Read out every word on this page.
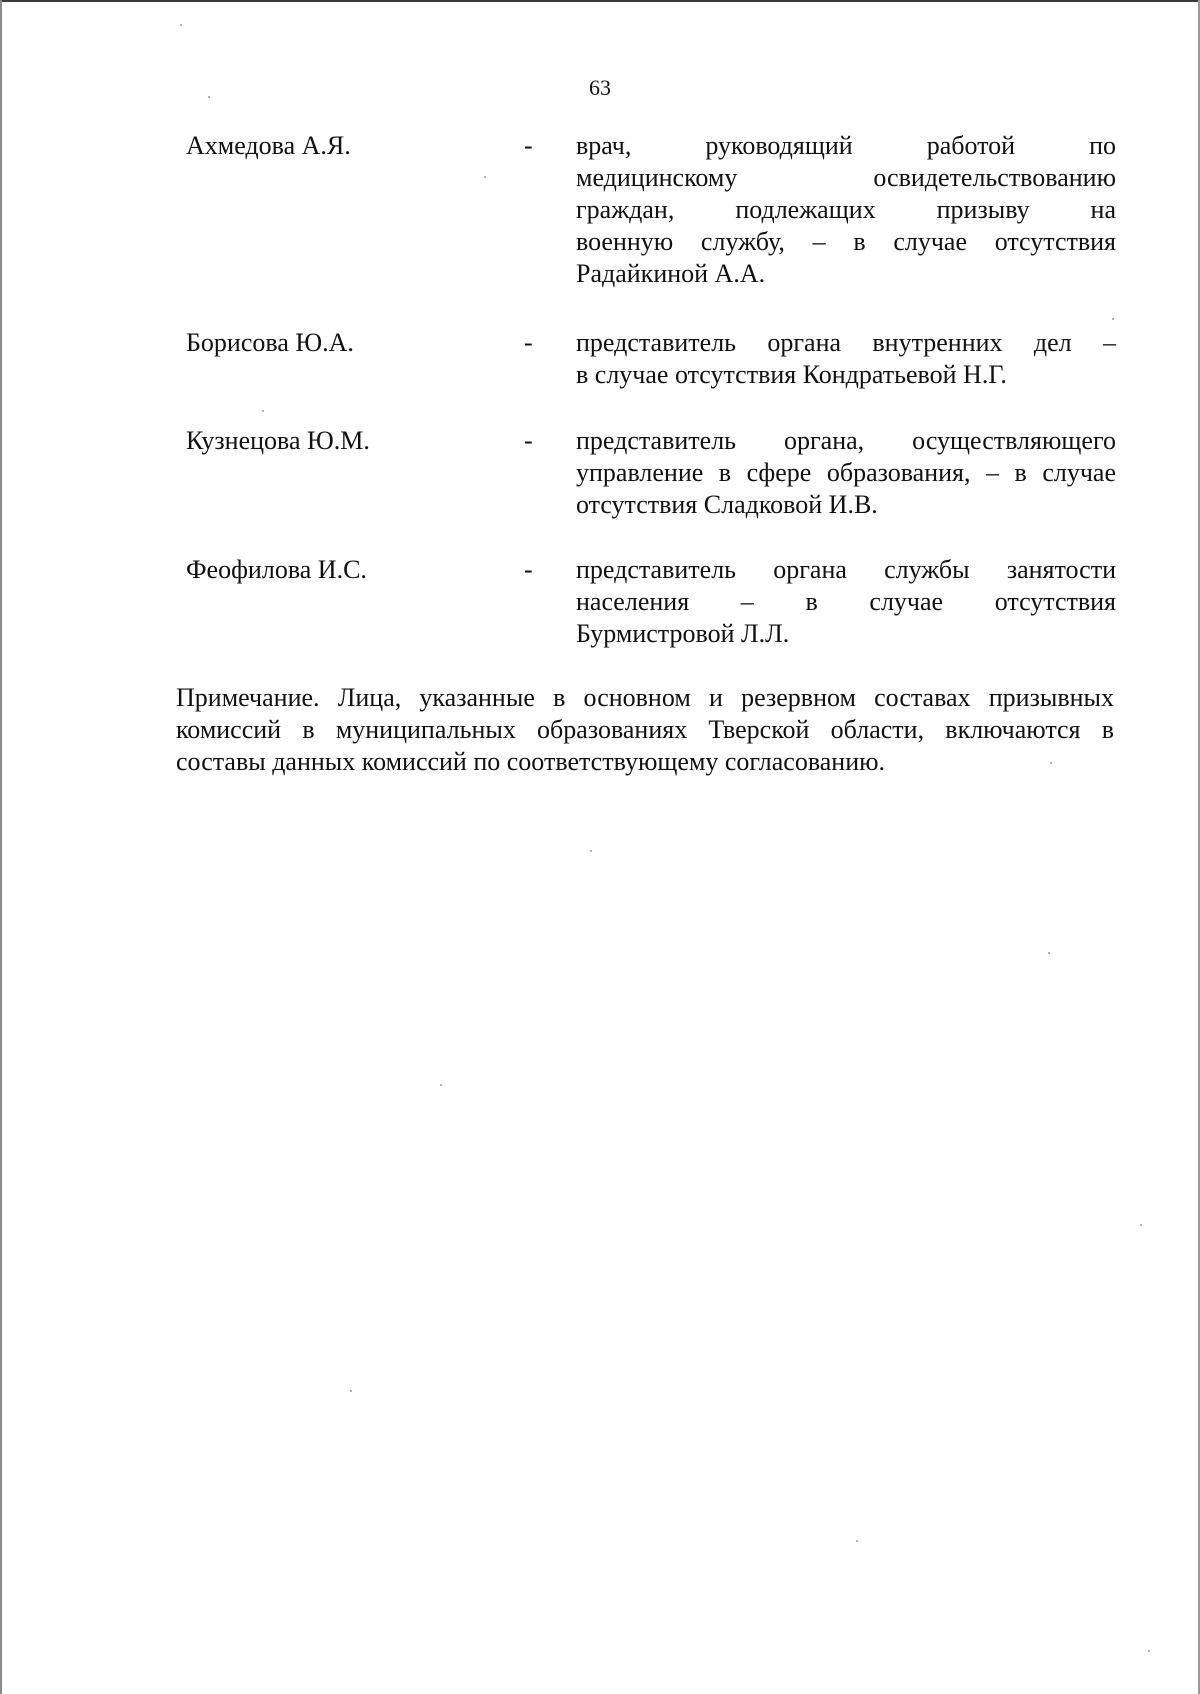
63
Ахмедова А.Я.	- врач, руководящий работой по
медицинскому освидетельствованию
граждан, подлежащих призыву на
военную службу, – в случае отсутствия
Радайкиной А.А.
Борисова Ю.А.	- представитель органа внутренних дел –
в случае отсутствия Кондратьевой Н.Г.
Кузнецова Ю.М.	- представитель органа, осуществляющего
управление в сфере образования, – в случае
отсутствия Сладковой И.В.
Феофилова И.С.	- представитель органа службы занятости
населения – в случае отсутствия
Бурмистровой Л.Л.
Примечание. Лица, указанные в основном и резервном составах призывных
комиссий в муниципальных образованиях Тверской области, включаются в
составы данных комиссий по соответствующему согласованию.
